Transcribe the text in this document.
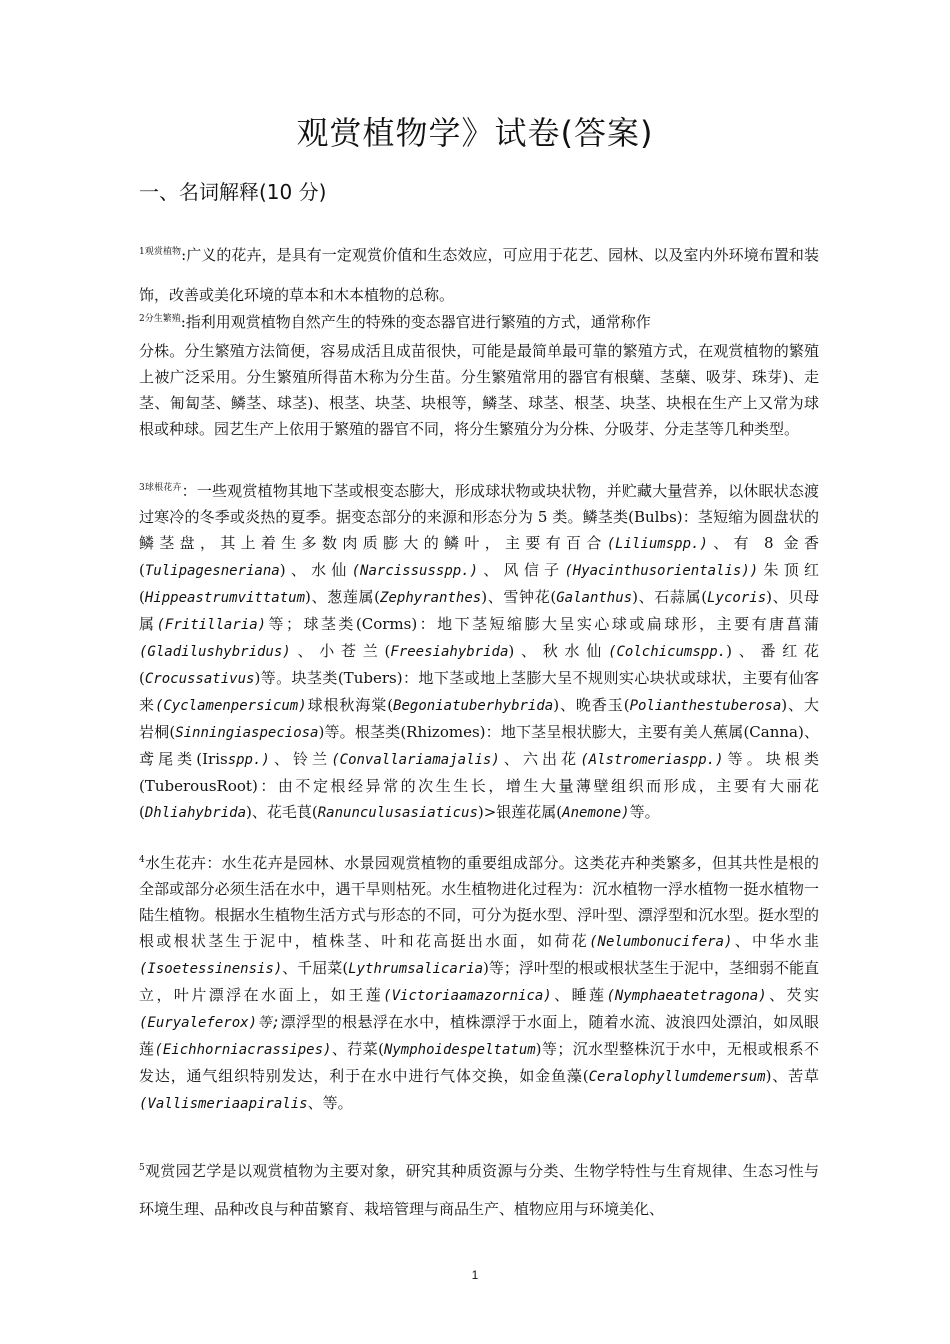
观赏植物学》试卷(答案)
一、名词解释(10 分)

$^{1观赏植物}$:广义的花卉，是具有一定观赏价值和生态效应，可应用于花艺、园林、以及室内外环境布置和装饰，改善或美化环境的草本和木本植物的总称。

$^{2分生繁殖}$:指利用观赏植物自然产生的特殊的变态器官进行繁殖的方式，通常称作

分株。分生繁殖方法简便，容易成活且成苗很快，可能是最简单最可靠的繁殖方式，在观赏植物的繁殖上被广泛采用。分生繁殖所得苗木称为分生苗。分生繁殖常用的器官有根蘖、茎蘖、吸芽、珠芽)、走茎、匍匐茎、鳞茎、球茎)、根茎、块茎、块根等，鳞茎、球茎、根茎、块茎、块根在生产上又常为球根或种球。园艺生产上依用于繁殖的器官不同，将分生繁殖分为分株、分吸芽、分走茎等几种类型。

$^{3球根花卉}$：一些观赏植物其地下茎或根变态膨大，形成球状物或块状物，并贮藏大量营养，以休眠状态渡过寒冷的冬季或炎热的夏季。据变态部分的来源和形态分为 5 类。鳞茎类(Bulbs)：茎短缩为圆盘状的鳞茎盘，其上着生多数肉质膨大的鳞叶，主要有百合(Liliumspp.)、有 8 金香(Tulipagesneriana)、水仙(Narcissusspp.)、风信子(Hyacinthusorientalis))朱顶红(Hippeastrumvittatum)、葱莲属(Zephyranthes)、雪钟花(Galanthus)、石蒜属(Lycoris)、贝母属(Fritillaria)等；球茎类(Corms)：地下茎短缩膨大呈实心球或扁球形，主要有唐菖蒲(Gladilushybridus)、小苍兰(Freesiahybrida)、秋水仙(Colchicumspp.)、番红花(Crocussativus)等。块茎类(Tubers)：地下茎或地上茎膨大呈不规则实心块状或球状，主要有仙客来(Cyclamenpersicum)球根秋海棠(Begoniatuberhybrida)、晚香玉(Polianthestuberosa)、大岩桐(Sinningiaspeciosa)等。根茎类(Rhizomes)：地下茎呈根状膨大，主要有美人蕉属(Canna)、鸢尾类(Irisspp.)、铃兰(Convallariamajalis)、六出花(Alstromeriaspp.)等。块根类(TuberousRoot)：由不定根经异常的次生生长，增生大量薄壁组织而形成，主要有大丽花(Dhliahybrida)、花毛茛(Ranunculusasiaticus)>银莲花属(Anemone)等。

$^4$水生花卉：水生花卉是园林、水景园观赏植物的重要组成部分。这类花卉种类繁多，但其共性是根的全部或部分必须生活在水中，遇干旱则枯死。水生植物进化过程为：沉水植物一浮水植物一挺水植物一陆生植物。根据水生植物生活方式与形态的不同，可分为挺水型、浮叶型、漂浮型和沉水型。挺水型的根或根状茎生于泥中，植株茎、叶和花高挺出水面，如荷花(Nelumbonucifera)、中华水韭(Isoetessinensis)、千屈菜(Lythrumsalicaria)等；浮叶型的根或根状茎生于泥中，茎细弱不能直立，叶片漂浮在水面上，如王莲(Victoriaamazornica)、睡莲(Nymphaeatetragona)、芡实(Euryaleferox)等;漂浮型的根悬浮在水中，植株漂浮于水面上，随着水流、波浪四处漂泊，如凤眼莲(Eichhorniacrassipes)、荇菜(Nymphoidespeltatum)等；沉水型整株沉于水中，无根或根系不发达，通气组织特别发达，利于在水中进行气体交换，如金鱼藻(Ceralophyllumdemersum)、苦草(Vallismeriaapiralis、等。

$^5$观赏园艺学是以观赏植物为主要对象，研究其种质资源与分类、生物学特性与生育规律、生态习性与环境生理、品种改良与种苗繁育、栽培管理与商品生产、植物应用与环境美化、

1
